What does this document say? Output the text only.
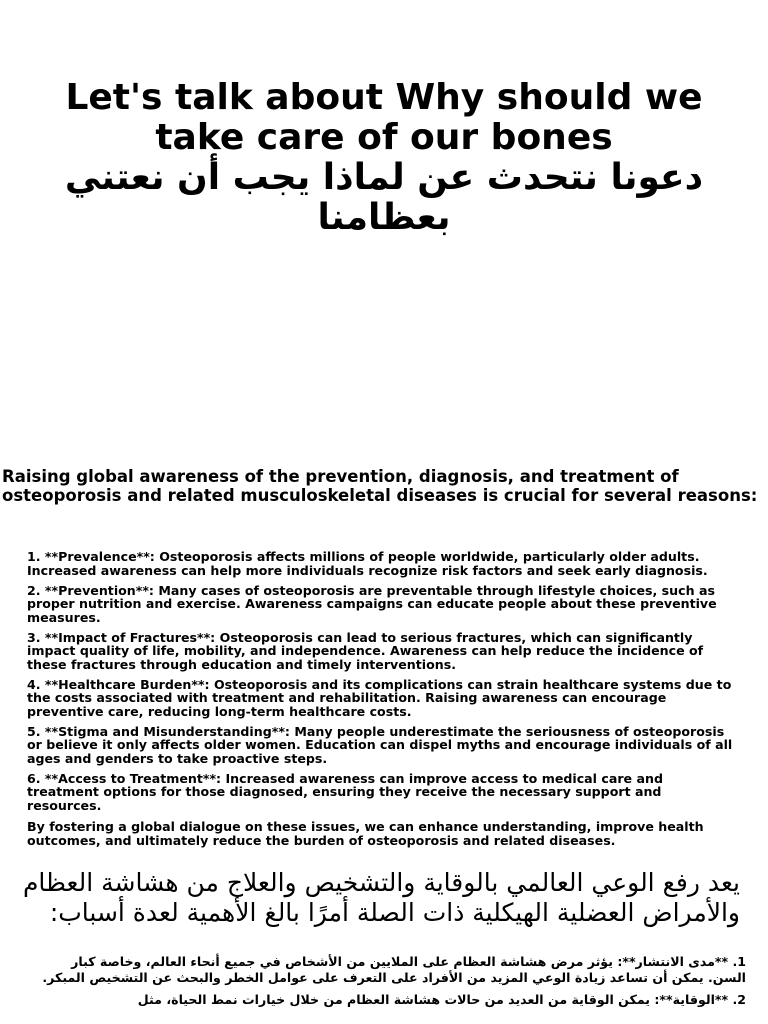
Let's talk about Why should we take care of our bones

دعونا نتحدث عن لماذا يجب أن نعتني بعظامنا

Raising global awareness of the prevention, diagnosis, and treatment of osteoporosis and related musculoskeletal diseases is crucial for several reasons:

1. **Prevalence**: Osteoporosis affects millions of people worldwide, particularly older adults. Increased awareness can help more individuals recognize risk factors and seek early diagnosis.
2. **Prevention**: Many cases of osteoporosis are preventable through lifestyle choices, such as proper nutrition and exercise. Awareness campaigns can educate people about these preventive measures.
3. **Impact of Fractures**: Osteoporosis can lead to serious fractures, which can significantly impact quality of life, mobility, and independence. Awareness can help reduce the incidence of these fractures through education and timely interventions.
4. **Healthcare Burden**: Osteoporosis and its complications can strain healthcare systems due to the costs associated with treatment and rehabilitation. Raising awareness can encourage preventive care, reducing long-term healthcare costs.
5. **Stigma and Misunderstanding**: Many people underestimate the seriousness of osteoporosis or believe it only affects older women. Education can dispel myths and encourage individuals of all ages and genders to take proactive steps.
6. **Access to Treatment**: Increased awareness can improve access to medical care and treatment options for those diagnosed, ensuring they receive the necessary support and resources.

By fostering a global dialogue on these issues, we can enhance understanding, improve health outcomes, and ultimately reduce the burden of osteoporosis and related diseases.

يعد رفع الوعي العالمي بالوقاية والتشخيص والعلاج من هشاشة العظام والأمراض العضلية الهيكلية ذات الصلة أمرًا بالغ الأهمية لعدة أسباب:

1. **مدى الانتشار**: يؤثر مرض هشاشة العظام على الملايين من الأشخاص في جميع أنحاء العالم، وخاصة كبار السن. يمكن أن تساعد زيادة الوعي المزيد من الأفراد على التعرف على عوامل الخطر والبحث عن التشخيص المبكر.
2. **الوقاية**: يمكن الوقاية من العديد من حالات هشاشة العظام من خلال خيارات نمط الحياة، مثل
